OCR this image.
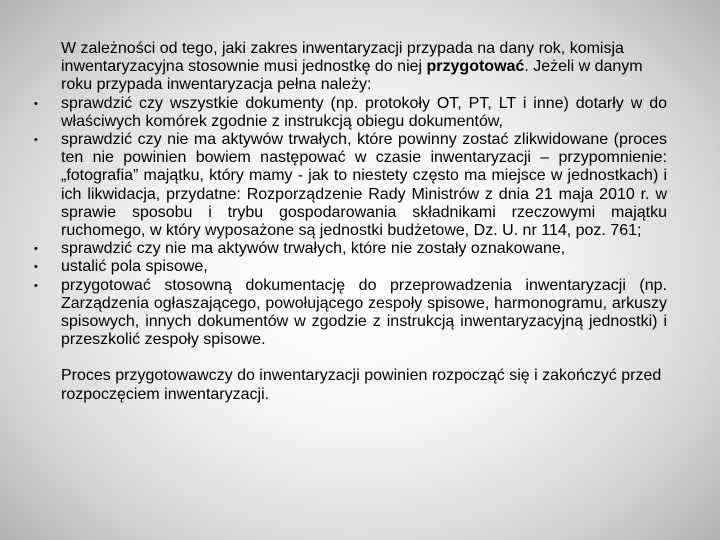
W zależności od tego, jaki zakres inwentaryzacji przypada na dany rok, komisja inwentaryzacyjna stosownie musi jednostkę do niej przygotować. Jeżeli w danym roku przypada inwentaryzacja pełna należy:

• sprawdzić czy wszystkie dokumenty (np. protokoły OT, PT, LT i inne) dotarły w do właściwych komórek zgodnie z instrukcją obiegu dokumentów,
• sprawdzić czy nie ma aktywów trwałych, które powinny zostać zlikwidowane (proces ten nie powinien bowiem następować w czasie inwentaryzacji – przypomnienie: „fotografia” majątku, który mamy - jak to niestety często ma miejsce w jednostkach) i ich likwidacja, przydatne: Rozporządzenie Rady Ministrów z dnia 21 maja 2010 r. w sprawie sposobu i trybu gospodarowania składnikami rzeczowymi majątku ruchomego, w który wyposażone są jednostki budżetowe, Dz. U. nr 114, poz. 761;
• sprawdzić czy nie ma aktywów trwałych, które nie zostały oznakowane,
• ustalić pola spisowe,
• przygotować stosowną dokumentację do przeprowadzenia inwentaryzacji (np. Zarządzenia ogłaszającego, powołującego zespoły spisowe, harmonogramu, arkuszy spisowych, innych dokumentów w zgodzie z instrukcją inwentaryzacyjną jednostki) i przeszkolić zespoły spisowe.

Proces przygotowawczy do inwentaryzacji powinien rozpocząć się i zakończyć przed rozpoczęciem inwentaryzacji.
